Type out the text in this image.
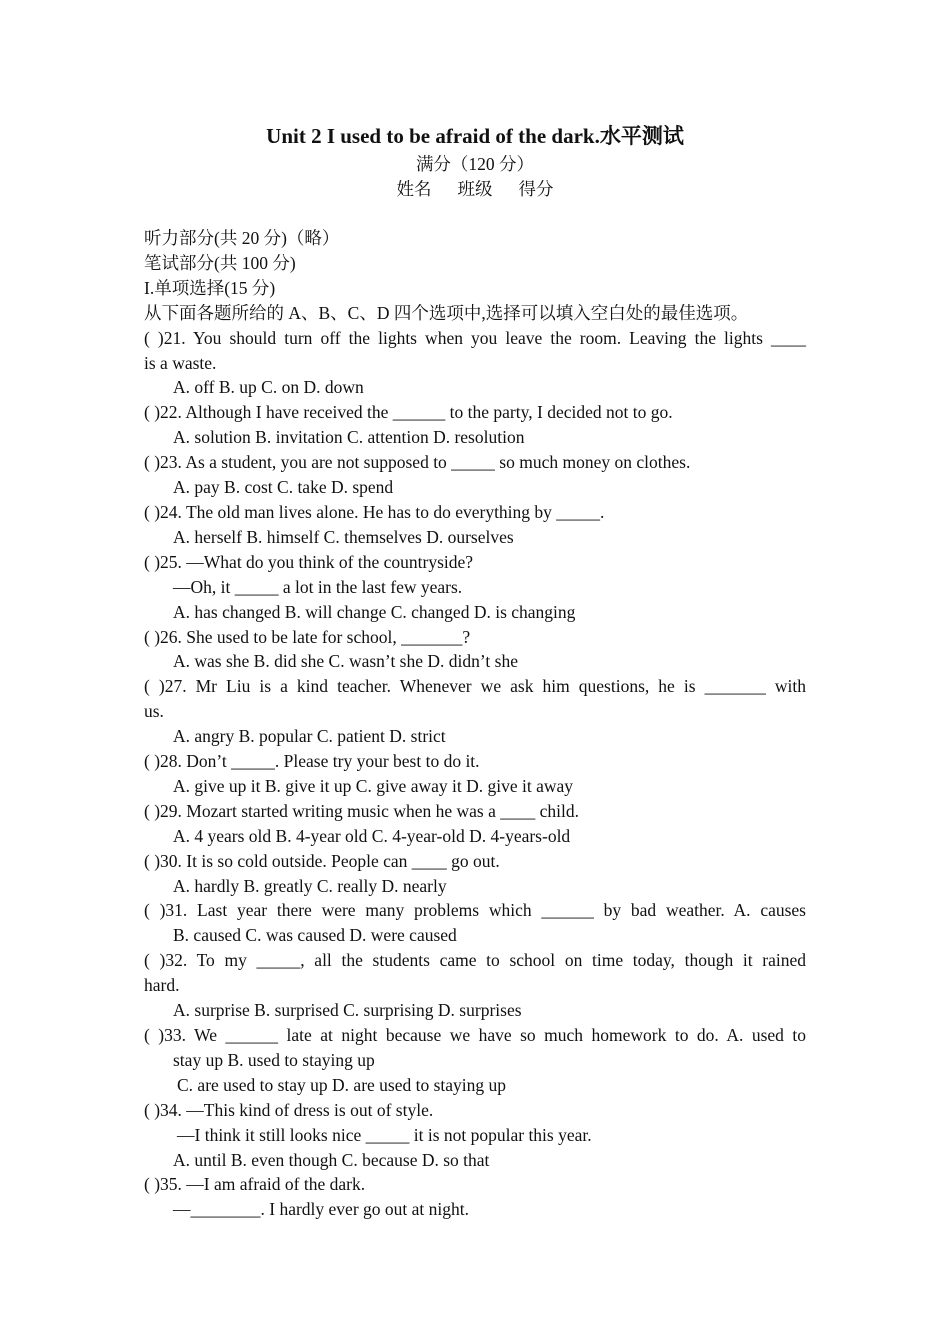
Unit 2 I used to be afraid of the dark.水平测试
满分（120 分）
姓名 班级 得分
听力部分(共 20 分)（略）
笔试部分(共 100 分)
I.单项选择(15 分)
从下面各题所给的 A、B、C、D 四个选项中,选择可以填入空白处的最佳选项。
( )21. You should turn off the lights when you leave the room. Leaving the lights ____
is a waste.
A. off B. up C. on D. down
( )22. Although I have received the ______ to the party, I decided not to go.
A. solution B. invitation C. attention D. resolution
( )23. As a student, you are not supposed to _____ so much money on clothes.
A. pay B. cost C. take D. spend
( )24. The old man lives alone. He has to do everything by _____.
A. herself B. himself C. themselves D. ourselves
( )25. —What do you think of the countryside?
—Oh, it _____ a lot in the last few years.
A. has changed B. will change C. changed D. is changing
( )26. She used to be late for school, _______?
A. was she B. did she C. wasn’t she D. didn’t she
( )27. Mr Liu is a kind teacher. Whenever we ask him questions, he is _______ with
us.
A. angry B. popular C. patient D. strict
( )28. Don’t _____. Please try your best to do it.
A. give up it B. give it up C. give away it D. give it away
( )29. Mozart started writing music when he was a ____ child.
A. 4 years old B. 4-year old C. 4-year-old D. 4-years-old
( )30. It is so cold outside. People can ____ go out.
A. hardly B. greatly C. really D. nearly
( )31. Last year there were many problems which ______ by bad weather. A. causes
B. caused C. was caused D. were caused
( )32. To my _____, all the students came to school on time today, though it rained
hard.
A. surprise B. surprised C. surprising D. surprises
( )33. We ______ late at night because we have so much homework to do. A. used to
stay up B. used to staying up
C. are used to stay up D. are used to staying up
( )34. —This kind of dress is out of style.
—I think it still looks nice _____ it is not popular this year.
A. until B. even though C. because D. so that
( )35. —I am afraid of the dark.
—________. I hardly ever go out at night.
